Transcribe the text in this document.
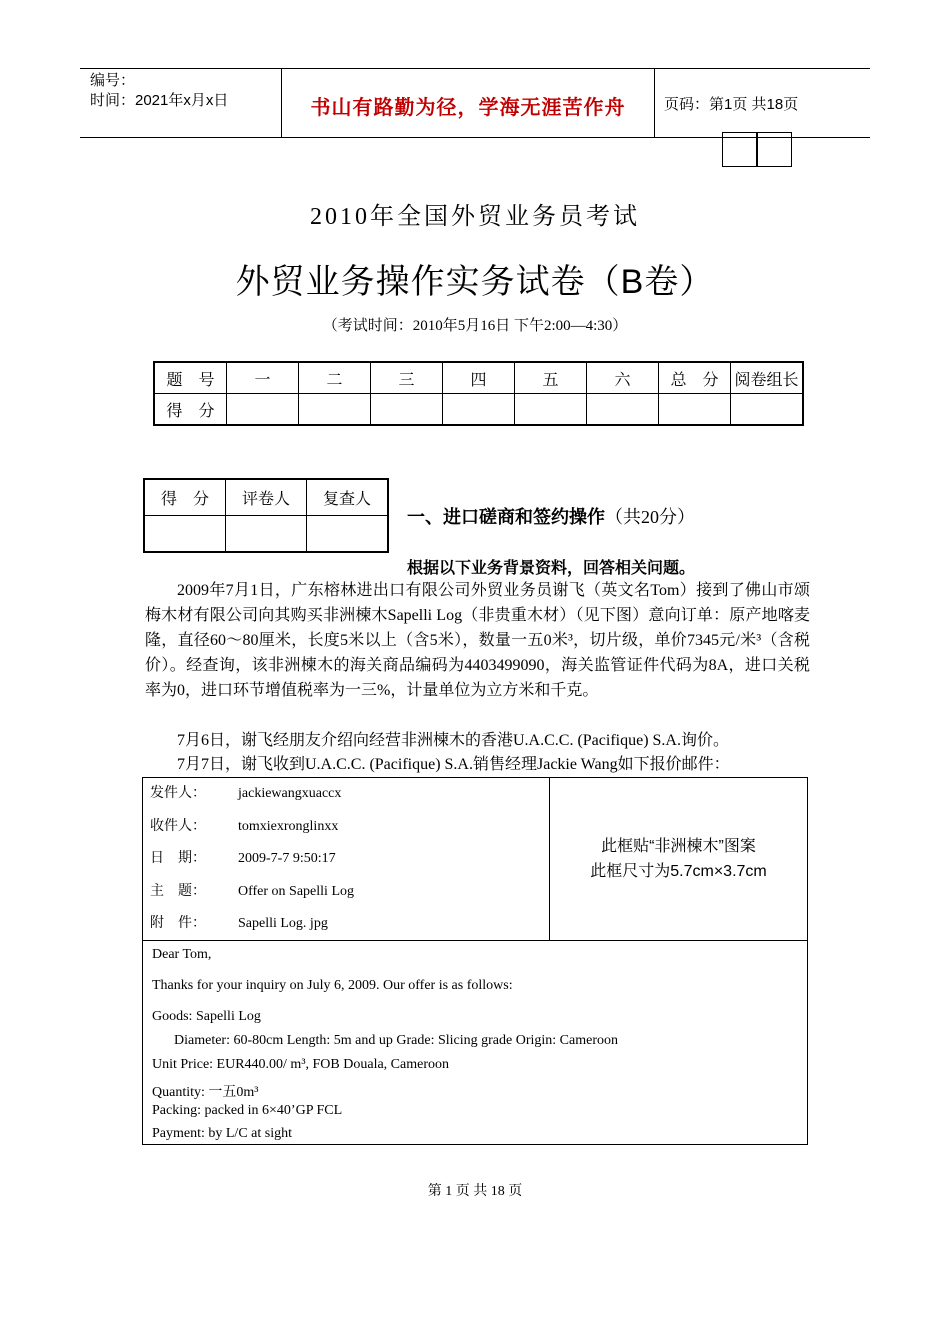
编号：
时间：2021年x月x日	书山有路勤为径，学海无涯苦作舟	页码：第1页 共18页
2010年全国外贸业务员考试
外贸业务操作实务试卷（B卷）
（考试时间：2010年5月16日 下午2:00—4:30）
题　号	一	二	三	四	五	六	总　分	阅卷组长
得　分								
得　分	评卷人	复查人

一、进口磋商和签约操作（共20分）
根据以下业务背景资料，回答相关问题。
2009年7月1日，广东榕林进出口有限公司外贸业务员谢飞（英文名Tom）接到了佛山市颂梅木材有限公司向其购买非洲楝木Sapelli Log（非贵重木材）（见下图）意向订单：原产地喀麦隆，直径60～80厘米，长度5米以上（含5米），数量一五0米³，切片级，单价7345元/米³（含税价）。经查询，该非洲楝木的海关商品编码为4403499090，海关监管证件代码为8A，进口关税率为0，进口环节增值税率为一三%，计量单位为立方米和千克。
7月6日，谢飞经朋友介绍向经营非洲楝木的香港U.A.C.C. (Pacifique) S.A.询价。
7月7日，谢飞收到U.A.C.C. (Pacifique) S.A.销售经理Jackie Wang如下报价邮件：
发件人： jackiewangxuaccx
收件人： tomxiexronglinxx
日　期： 2009-7-7 9:50:17
主　题： Offer on Sapelli Log
附　件： Sapelli Log. jpg
此框贴“非洲楝木”图案
此框尺寸为5.7cm×3.7cm
Dear Tom,
Thanks for your inquiry on July 6, 2009. Our offer is as follows:
Goods: Sapelli Log
Diameter: 60-80cm Length: 5m and up Grade: Slicing grade Origin: Cameroon
Unit Price: EUR440.00/ m³, FOB Douala, Cameroon
Quantity: 一五0m³
Packing: packed in 6×40’GP FCL
Payment: by L/C at sight
第 1 页 共 18 页
